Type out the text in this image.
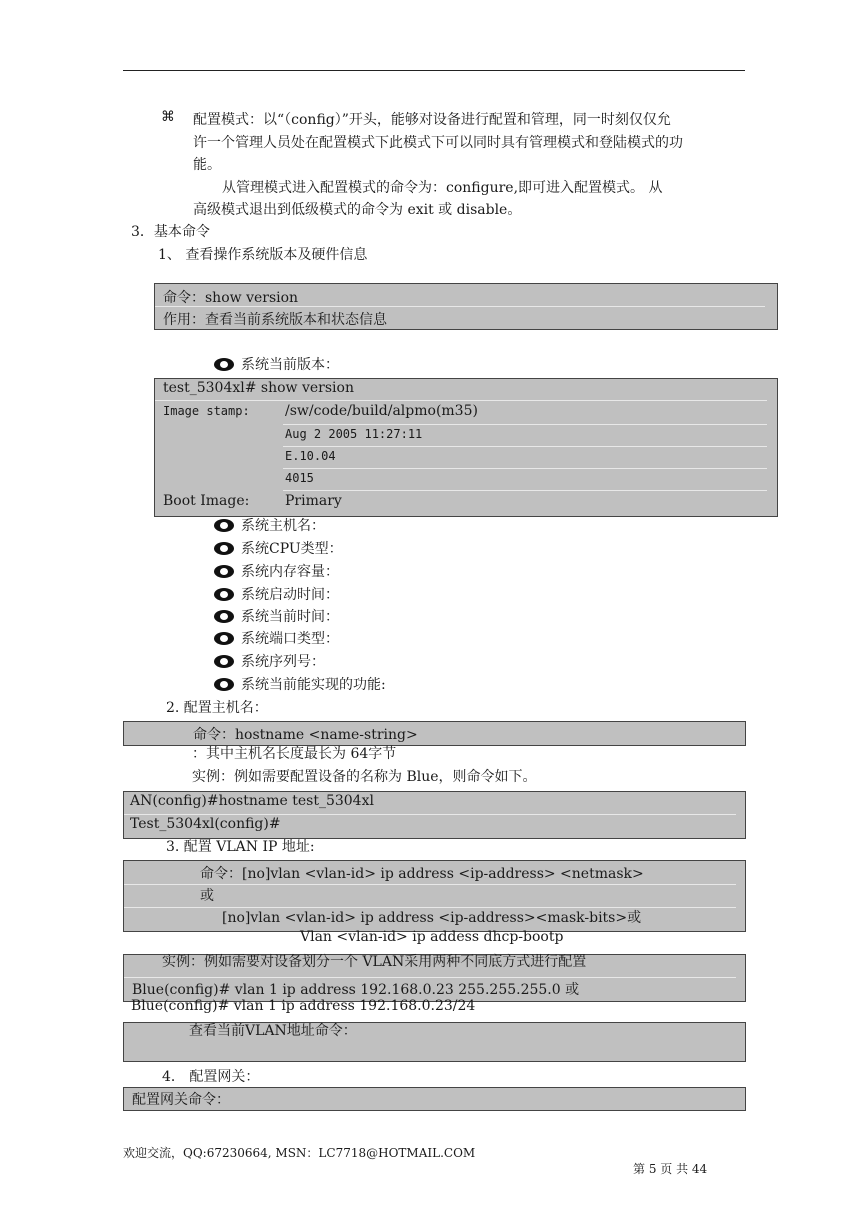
⌘ 配置模式：以“（config）”开头，能够对设备进行配置和管理，同一时刻仅仅允
许一个管理人员处在配置模式下此模式下可以同时具有管理模式和登陆模式的功
能。
从管理模式进入配置模式的命令为：configure,即可进入配置模式。 从
高级模式退出到低级模式的命令为 exit 或 disable。
3．基本命令
1、 查看操作系统版本及硬件信息
命令：show version
作用：查看当前系统版本和状态信息
系统当前版本：
test_5304xl# show version
Image stamp:	/sw/code/build/alpmo(m35)
Aug 2 2005 11:27:11
E.10.04
4015
Boot Image:	Primary
系统主机名：
系统CPU类型：
系统内存容量：
系统启动时间：
系统当前时间：
系统端口类型：
系统序列号：
系统当前能实现的功能:
2. 配置主机名：
命令：hostname <name-string>
：其中主机名长度最长为 64字节
实例：例如需要配置设备的名称为 Blue，则命令如下。
AN(config)#hostname test_5304xl
Test_5304xl(config)#
3. 配置 VLAN IP 地址:
命令：[no]vlan <vlan-id> ip address <ip-address> <netmask>
或
[no]vlan <vlan-id> ip address <ip-address><mask-bits>或
Vlan <vlan-id> ip addess dhcp-bootp
Blue(config)# vlan 1 ip address 192.168.0.23 255.255.255.0 或
实例：例如需要对设备划分一个 VLAN采用两种不同底方式进行配置
Blue(config)# vlan 1 ip address 192.168.0.23/24
查看当前VLAN地址命令：
4． 配置网关：
配置网关命令：
欢迎交流，QQ:67230664, MSN：LC7718@HOTMAIL.COM
第 5 页 共 44
